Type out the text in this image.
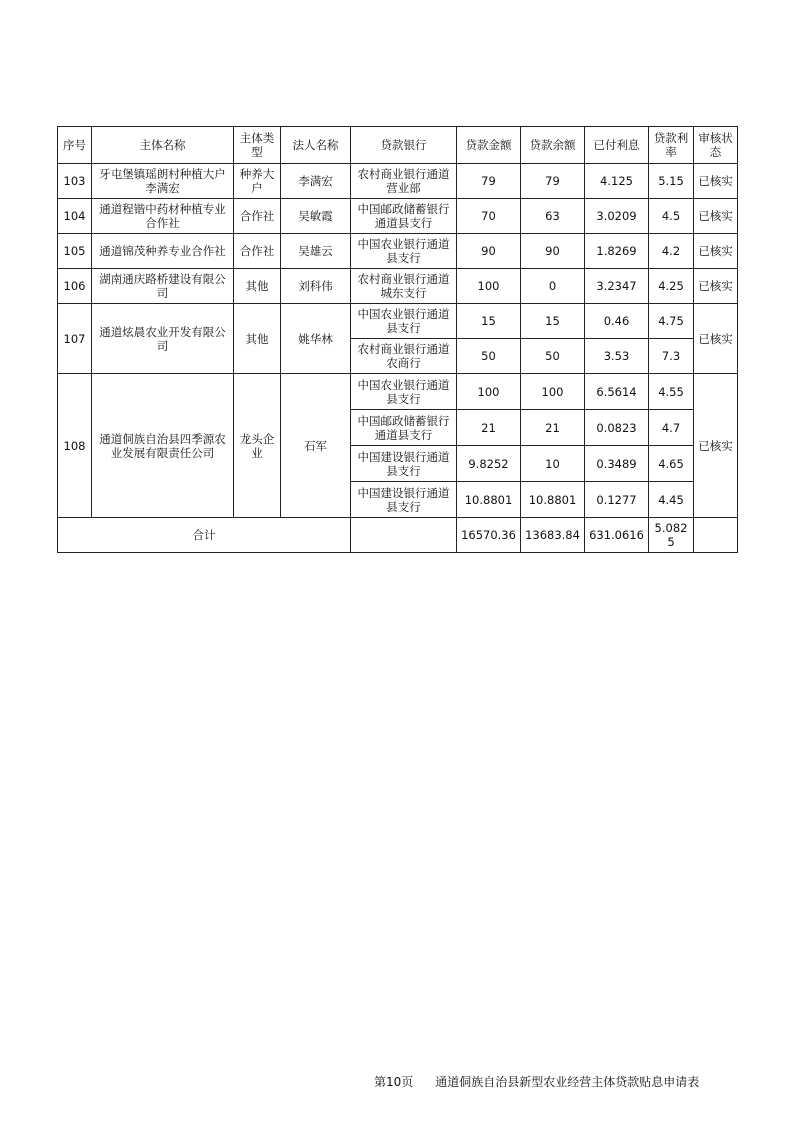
序号	主体名称	主体类型	法人名称	贷款银行	贷款金额	贷款余额	已付利息	贷款利率	审核状态
103	牙屯堡镇瑶朗村种植大户李满宏	种养大户	李满宏	农村商业银行通道营业部	79	79	4.125	5.15	已核实
104	通道程锴中药材种植专业合作社	合作社	吴敏霞	中国邮政储蓄银行通道县支行	70	63	3.0209	4.5	已核实
105	通道锦茂种养专业合作社	合作社	吴雄云	中国农业银行通道县支行	90	90	1.8269	4.2	已核实
106	湖南通庆路桥建设有限公司	其他	刘科伟	农村商业银行通道城东支行	100	0	3.2347	4.25	已核实
107	通道炫晨农业开发有限公司	其他	姚华林	中国农业银行通道县支行	15	15	0.46	4.75	已核实
				农村商业银行通道农商行	50	50	3.53	7.3	
108	通道侗族自治县四季源农业发展有限责任公司	龙头企业	石军	中国农业银行通道县支行	100	100	6.5614	4.55	已核实
				中国邮政储蓄银行通道县支行	21	21	0.0823	4.7	
				中国建设银行通道县支行	9.8252	10	0.3489	4.65	
				中国建设银行通道县支行	10.8801	10.8801	0.1277	4.45	
合计					16570.36	13683.84	631.0616	5.0825	
第10页 通道侗族自治县新型农业经营主体贷款贴息申请表
